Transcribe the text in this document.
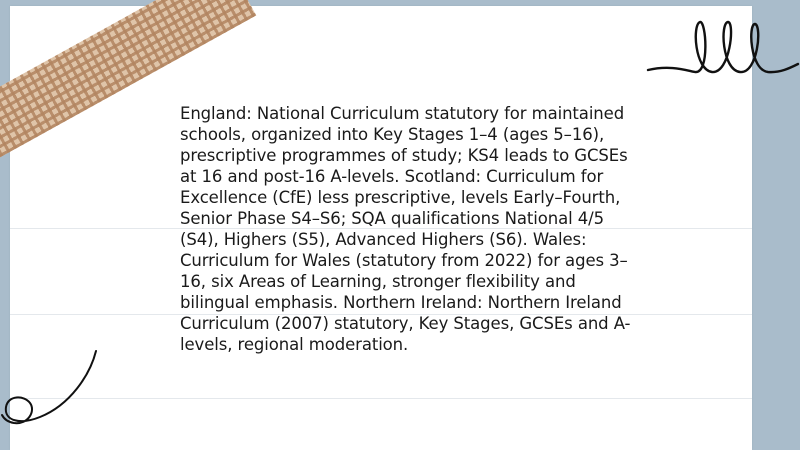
England: National Curriculum statutory for maintained schools, organized into Key Stages 1–4 (ages 5–16), prescriptive programmes of study; KS4 leads to GCSEs at 16 and post-16 A-levels. Scotland: Curriculum for Excellence (CfE) less prescriptive, levels Early–Fourth, Senior Phase S4–S6; SQA qualifications National 4/5 (S4), Highers (S5), Advanced Highers (S6). Wales: Curriculum for Wales (statutory from 2022) for ages 3–16, six Areas of Learning, stronger flexibility and bilingual emphasis. Northern Ireland: Northern Ireland Curriculum (2007) statutory, Key Stages, GCSEs and A-levels, regional moderation.
